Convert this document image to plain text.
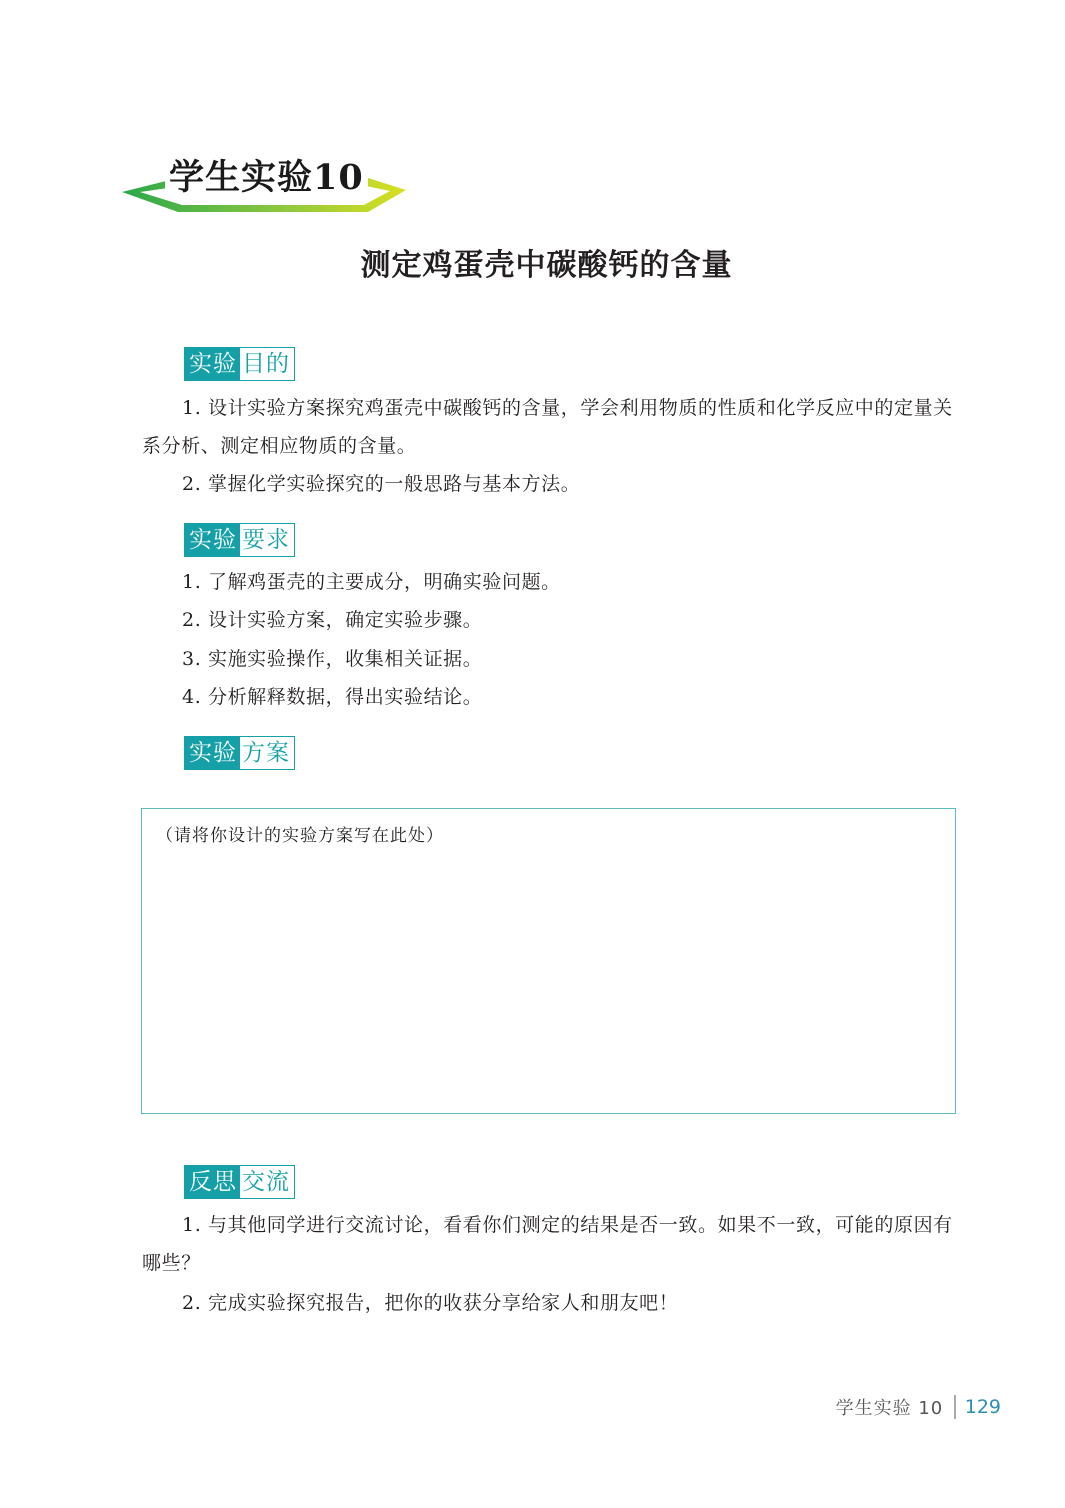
学生实验10
测定鸡蛋壳中碳酸钙的含量
实验 目的

1. 设计实验方案探究鸡蛋壳中碳酸钙的含量，学会利用物质的性质和化学反应中的定量关系分析、测定相应物质的含量。

2. 掌握化学实验探究的一般思路与基本方法。

实验 要求

1. 了解鸡蛋壳的主要成分，明确实验问题。

2. 设计实验方案，确定实验步骤。

3. 实施实验操作，收集相关证据。

4. 分析解释数据，得出实验结论。

实验 方案
（请将你设计的实验方案写在此处）
反思 交流

1. 与其他同学进行交流讨论，看看你们测定的结果是否一致。如果不一致，可能的原因有哪些？

2. 完成实验探究报告，把你的收获分享给家人和朋友吧！

学生实验 10 129
